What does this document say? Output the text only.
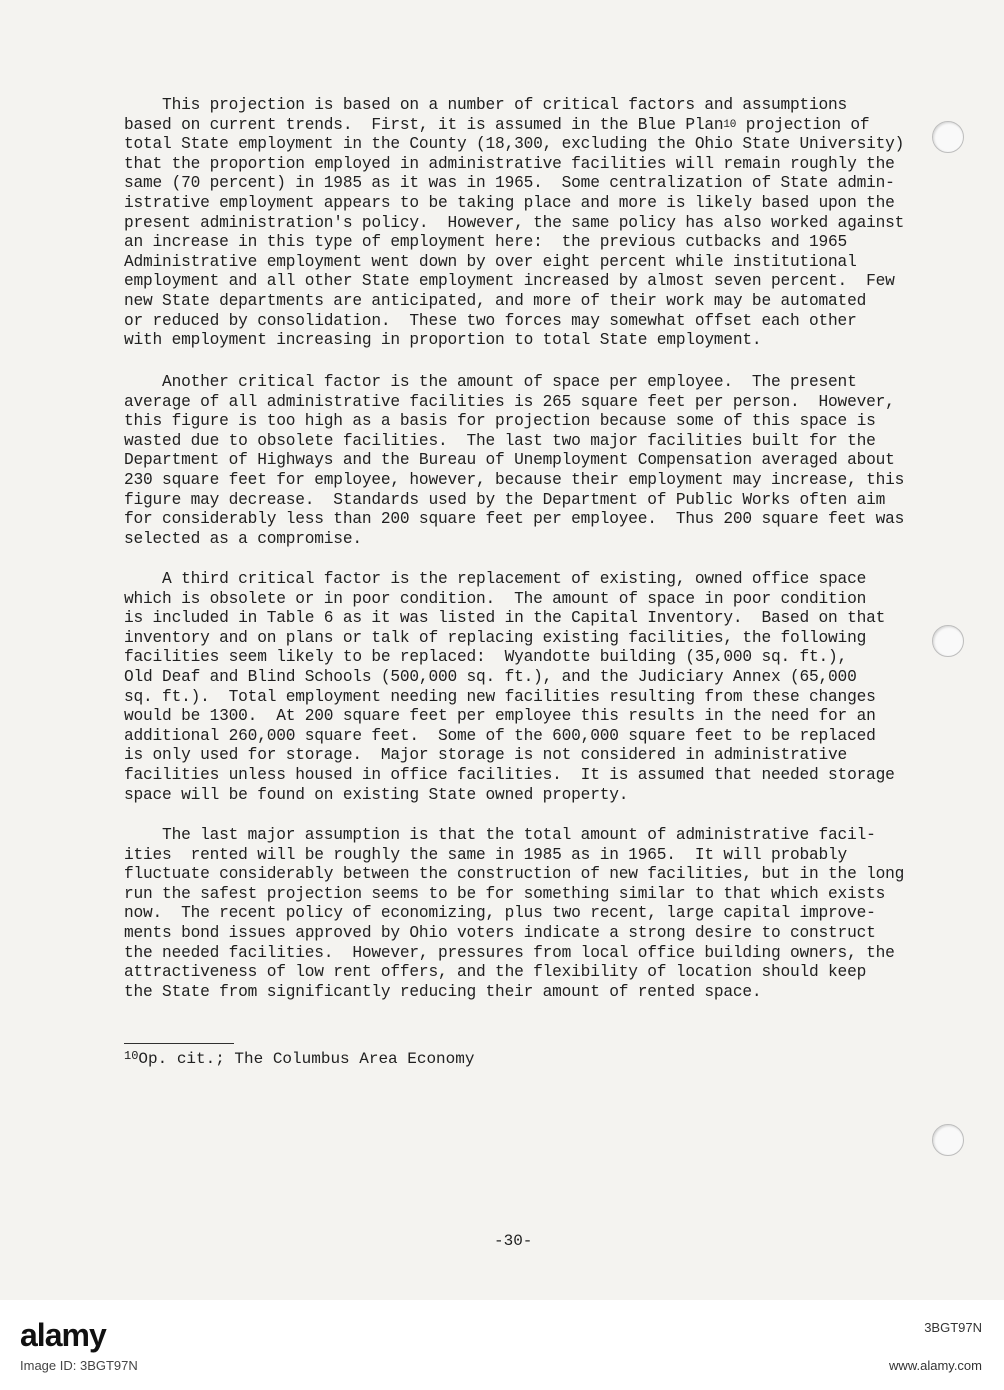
This projection is based on a number of critical factors and assumptions
based on current trends.  First, it is assumed in the Blue Plan$^{10}$ projection of
total State employment in the County (18,300, excluding the Ohio State University)
that the proportion employed in administrative facilities will remain roughly the
same (70 percent) in 1985 as it was in 1965.  Some centralization of State admin-
istrative employment appears to be taking place and more is likely based upon the
present administration's policy.  However, the same policy has also worked against
an increase in this type of employment here:  the previous cutbacks and 1965
Administrative employment went down by over eight percent while institutional
employment and all other State employment increased by almost seven percent.  Few
new State departments are anticipated, and more of their work may be automated
or reduced by consolidation.  These two forces may somewhat offset each other
with employment increasing in proportion to total State employment.
Another critical factor is the amount of space per employee.  The present
average of all administrative facilities is 265 square feet per person.  However,
this figure is too high as a basis for projection because some of this space is
wasted due to obsolete facilities.  The last two major facilities built for the
Department of Highways and the Bureau of Unemployment Compensation averaged about
230 square feet for employee, however, because their employment may increase, this
figure may decrease.  Standards used by the Department of Public Works often aim
for considerably less than 200 square feet per employee.  Thus 200 square feet was
selected as a compromise.
A third critical factor is the replacement of existing, owned office space
which is obsolete or in poor condition.  The amount of space in poor condition
is included in Table 6 as it was listed in the Capital Inventory.  Based on that
inventory and on plans or talk of replacing existing facilities, the following
facilities seem likely to be replaced:  Wyandotte building (35,000 sq. ft.),
Old Deaf and Blind Schools (500,000 sq. ft.), and the Judiciary Annex (65,000
sq. ft.).  Total employment needing new facilities resulting from these changes
would be 1300.  At 200 square feet per employee this results in the need for an
additional 260,000 square feet.  Some of the 600,000 square feet to be replaced
is only used for storage.  Major storage is not considered in administrative
facilities unless housed in office facilities.  It is assumed that needed storage
space will be found on existing State owned property.
The last major assumption is that the total amount of administrative facil-
ities  rented will be roughly the same in 1985 as in 1965.  It will probably
fluctuate considerably between the construction of new facilities, but in the long
run the safest projection seems to be for something similar to that which exists
now.  The recent policy of economizing, plus two recent, large capital improve-
ments bond issues approved by Ohio voters indicate a strong desire to construct
the needed facilities.  However, pressures from local office building owners, the
attractiveness of low rent offers, and the flexibility of location should keep
the State from significantly reducing their amount of rented space.
$^{10}$Op. cit.; The Columbus Area Economy
-30-
alamy
Image ID: 3BGT97N
3BGT97N
www.alamy.com
